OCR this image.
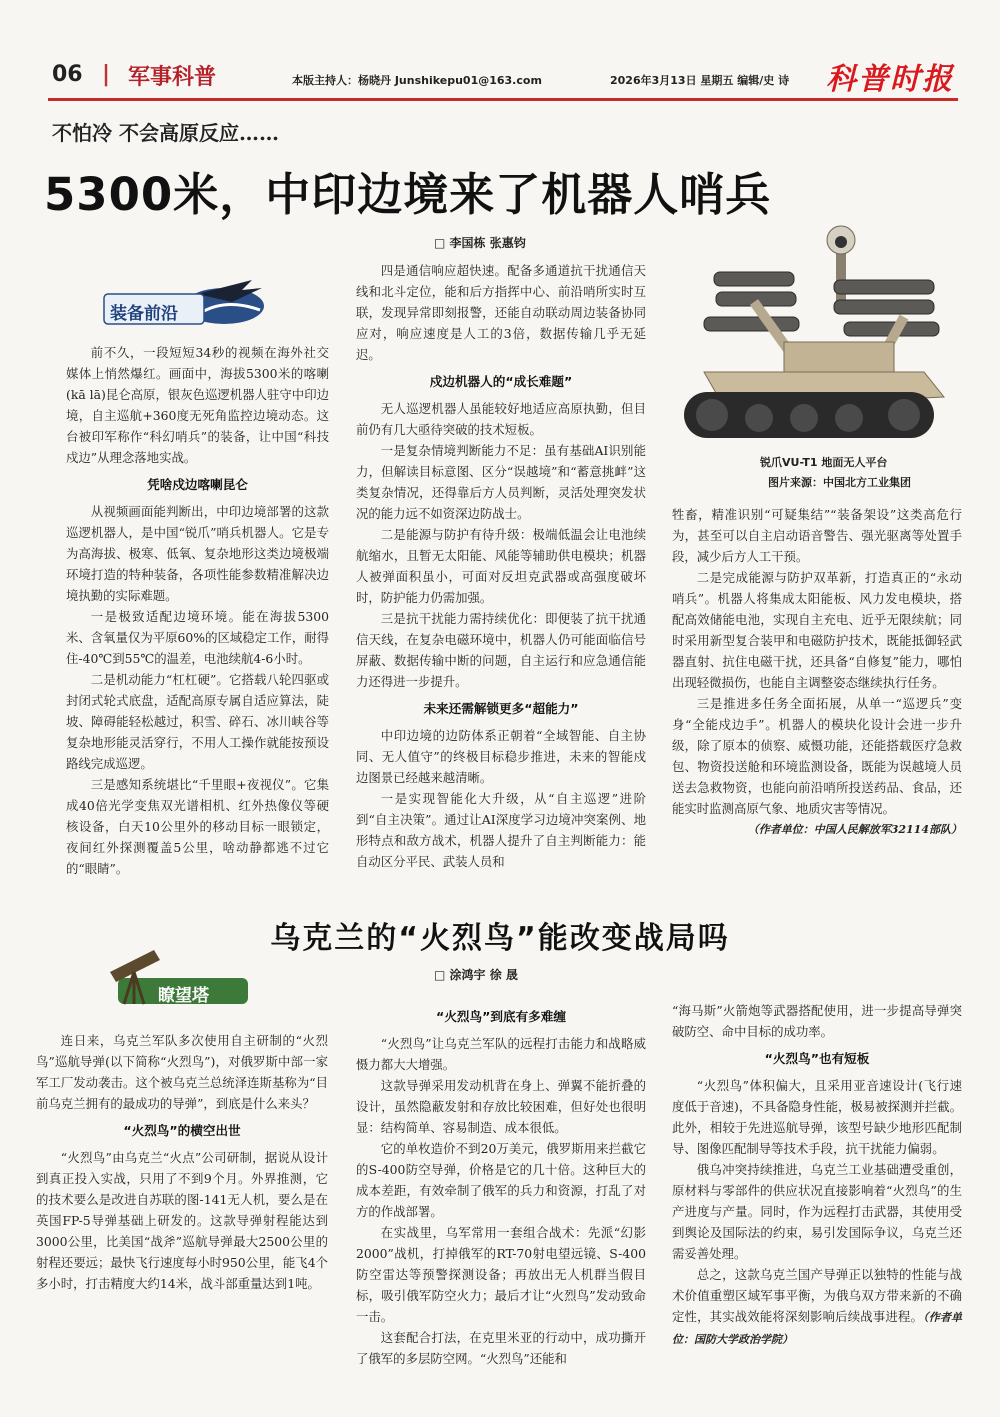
06 | 军事科普	本版主持人：杨晓丹 Junshikepu01@163.com	2026年3月13日 星期五 编辑/史 诗 科普时报
不怕冷 不会高原反应……
5300米，中印边境来了机器人哨兵
□ 李国栋 张惠钧
装备前沿
锐爪VU-T1 地面无人平台
图片来源：中国北方工业集团

前不久，一段短短34秒的视频在海外社交媒体上悄然爆红。画面中，海拔5300米的喀喇(kā lā)昆仑高原，银灰色巡逻机器人驻守中印边境，自主巡航+360度无死角监控边境动态。这台被印军称作“科幻哨兵”的装备，让中国“科技戍边”从理念落地实战。

凭啥戍边喀喇昆仑

从视频画面能判断出，中印边境部署的这款巡逻机器人，是中国“锐爪”哨兵机器人。它是专为高海拔、极寒、低氧、复杂地形这类边境极端环境打造的特种装备，各项性能参数精准解决边境执勤的实际难题。

一是极致适配边境环境。能在海拔5300米、含氧量仅为平原60%的区域稳定工作，耐得住-40℃到55℃的温差，电池续航4-6小时。

二是机动能力“杠杠硬”。它搭载八轮四驱或封闭式轮式底盘，适配高原专属自适应算法，陡坡、障碍能轻松越过，积雪、碎石、冰川峡谷等复杂地形能灵活穿行，不用人工操作就能按预设路线完成巡逻。

三是感知系统堪比“千里眼+夜视仪”。它集成40倍光学变焦双光谱相机、红外热像仪等硬核设备，白天10公里外的移动目标一眼锁定，夜间红外探测覆盖5公里，啥动静都逃不过它的“眼睛”。

四是通信响应超快速。配备多通道抗干扰通信天线和北斗定位，能和后方指挥中心、前沿哨所实时互联，发现异常即刻报警，还能自动联动周边装备协同应对，响应速度是人工的3倍，数据传输几乎无延迟。

戍边机器人的“成长难题”

无人巡逻机器人虽能较好地适应高原执勤，但目前仍有几大亟待突破的技术短板。

一是复杂情境判断能力不足：虽有基础AI识别能力，但解读目标意图、区分“误越境”和“蓄意挑衅”这类复杂情况，还得靠后方人员判断，灵活处理突发状况的能力远不如资深边防战士。

二是能源与防护有待升级：极端低温会让电池续航缩水，且暂无太阳能、风能等辅助供电模块；机器人被弹面积虽小，可面对反坦克武器或高强度破坏时，防护能力仍需加强。

三是抗干扰能力需持续优化：即便装了抗干扰通信天线，在复杂电磁环境中，机器人仍可能面临信号屏蔽、数据传输中断的问题，自主运行和应急通信能力还得进一步提升。

未来还需解锁更多“超能力”

中印边境的边防体系正朝着“全域智能、自主协同、无人值守”的终极目标稳步推进，未来的智能戍边图景已经越来越清晰。

一是实现智能化大升级，从“自主巡逻”进阶到“自主决策”。通过让AI深度学习边境冲突案例、地形特点和敌方战术，机器人提升了自主判断能力：能自动区分平民、武装人员和

牲畜，精准识别“可疑集结”“装备架设”这类高危行为，甚至可以自主启动语音警告、强光驱离等处置手段，减少后方人工干预。

二是完成能源与防护双革新，打造真正的“永动哨兵”。机器人将集成太阳能板、风力发电模块，搭配高效储能电池，实现自主充电、近乎无限续航；同时采用新型复合装甲和电磁防护技术，既能抵御轻武器直射、抗住电磁干扰，还具备“自修复”能力，哪怕出现轻微损伤，也能自主调整姿态继续执行任务。

三是推进多任务全面拓展，从单一“巡逻兵”变身“全能戍边手”。机器人的模块化设计会进一步升级，除了原本的侦察、威慑功能，还能搭载医疗急救包、物资投送舱和环境监测设备，既能为误越境人员送去急救物资，也能向前沿哨所投送药品、食品，还能实时监测高原气象、地质灾害等情况。

（作者单位：中国人民解放军32114部队）

乌克兰的“火烈鸟”能改变战局吗
□ 涂鸿宇 徐 晟
瞭望塔

连日来，乌克兰军队多次使用自主研制的“火烈鸟”巡航导弹(以下简称“火烈鸟”)，对俄罗斯中部一家军工厂发动袭击。这个被乌克兰总统泽连斯基称为“目前乌克兰拥有的最成功的导弹”，到底是什么来头？

“火烈鸟”的横空出世

“火烈鸟”由乌克兰“火点”公司研制，据说从设计到真正投入实战，只用了不到9个月。外界推测，它的技术要么是改进自苏联的图-141无人机，要么是在英国FP-5导弹基础上研发的。这款导弹射程能达到3000公里，比美国“战斧”巡航导弹最大2500公里的射程还要远；最快飞行速度每小时950公里，能飞4个多小时，打击精度大约14米，战斗部重量达到1吨。

“火烈鸟”到底有多难缠

“火烈鸟”让乌克兰军队的远程打击能力和战略威慑力都大大增强。

这款导弹采用发动机背在身上、弹翼不能折叠的设计，虽然隐蔽发射和存放比较困难，但好处也很明显：结构简单、容易制造、成本很低。

它的单枚造价不到20万美元，俄罗斯用来拦截它的S-400防空导弹，价格是它的几十倍。这种巨大的成本差距，有效牵制了俄军的兵力和资源，打乱了对方的作战部署。

在实战里，乌军常用一套组合战术：先派“幻影 2000”战机，打掉俄军的RT-70射电望远镜、S-400防空雷达等预警探测设备；再放出无人机群当假目标，吸引俄军防空火力；最后才让“火烈鸟”发动致命一击。

这套配合打法，在克里米亚的行动中，成功撕开了俄军的多层防空网。“火烈鸟”还能和

“海马斯”火箭炮等武器搭配使用，进一步提高导弹突破防空、命中目标的成功率。

“火烈鸟”也有短板

“火烈鸟”体积偏大，且采用亚音速设计(飞行速度低于音速)，不具备隐身性能，极易被探测并拦截。此外，相较于先进巡航导弹，该型号缺少地形匹配制导、图像匹配制导等技术手段，抗干扰能力偏弱。

俄乌冲突持续推进，乌克兰工业基础遭受重创，原材料与零部件的供应状况直接影响着“火烈鸟”的生产进度与产量。同时，作为远程打击武器，其使用受到舆论及国际法的约束，易引发国际争议，乌克兰还需妥善处理。

总之，这款乌克兰国产导弹正以独特的性能与战术价值重塑区域军事平衡，为俄乌双方带来新的不确定性，其实战效能将深刻影响后续战事进程。（作者单位：国防大学政治学院）
